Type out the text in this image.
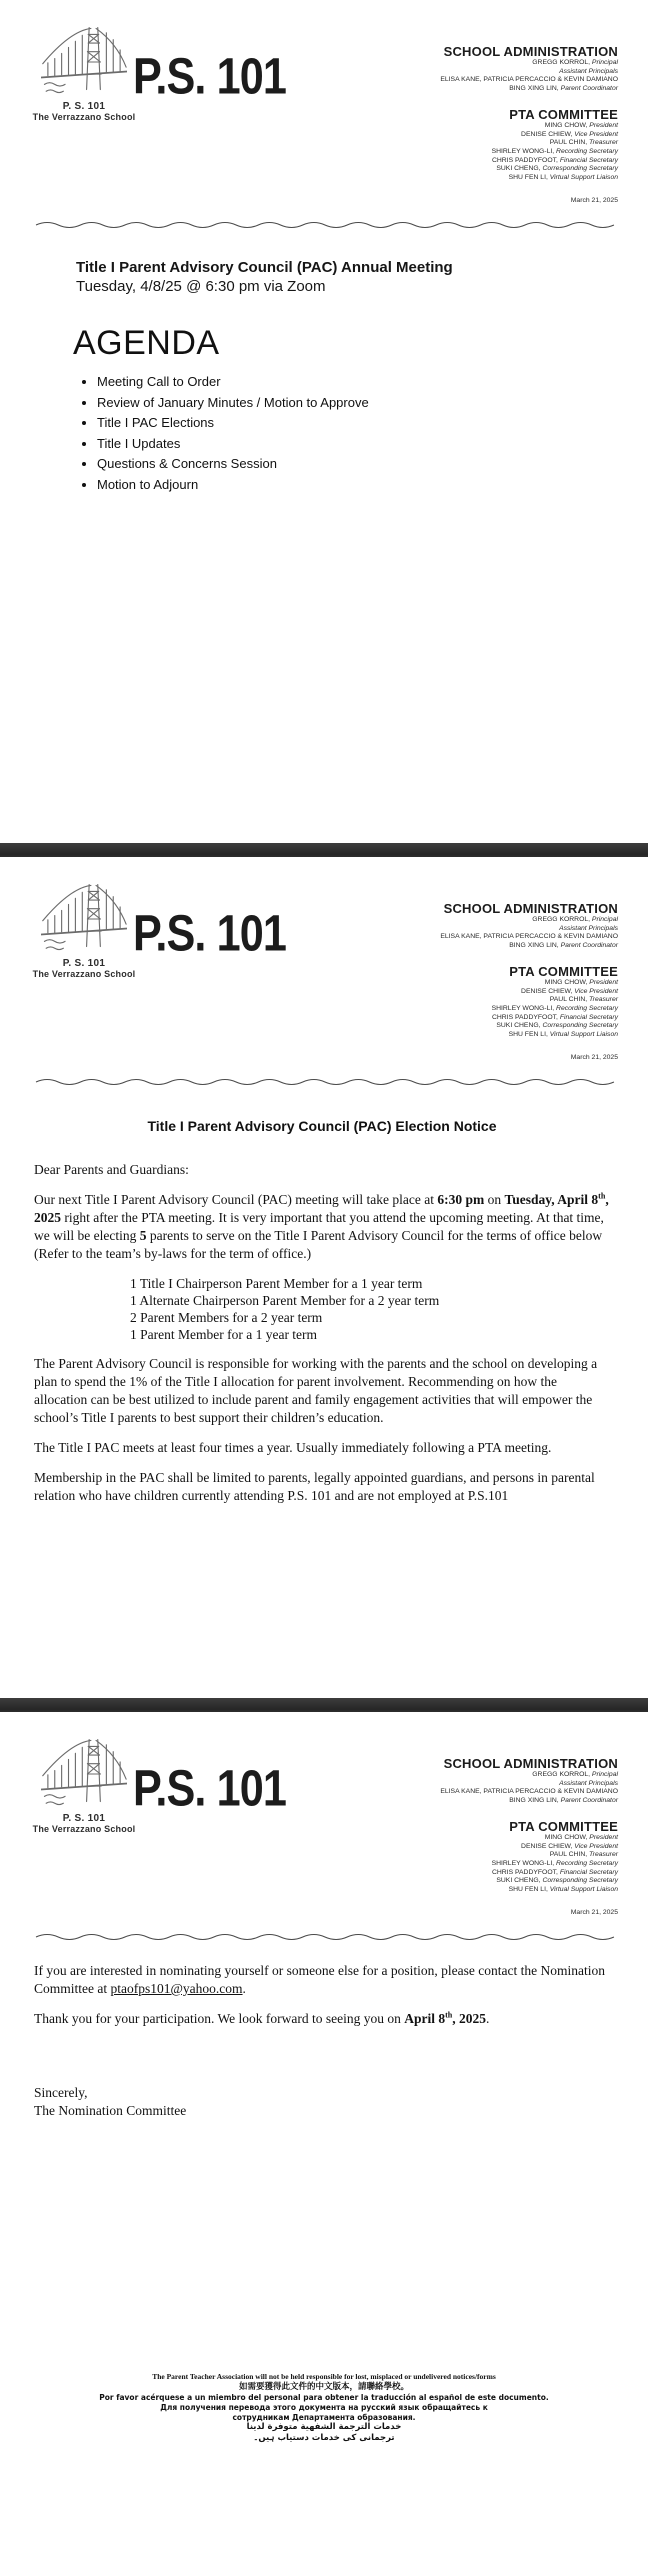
P. S. 101
The Verrazzano School
P.S. 101	SCHOOL ADMINISTRATION
GREGG KORROL, Principal
Assistant Principals
ELISA KANE, PATRICIA PERCACCIO & KEVIN DAMIANO
BING XING LIN, Parent Coordinator
PTA COMMITTEE
MING CHOW, President
DENISE CHIEW, Vice President
PAUL CHIN, Treasurer
SHIRLEY WONG-LI, Recording Secretary
CHRIS PADDYFOOT, Financial Secretary
SUKI CHENG, Corresponding Secretary
SHU FEN LI, Virtual Support Liaison
March 21, 2025
Title I Parent Advisory Council (PAC) Annual Meeting
Tuesday, 4/8/25 @ 6:30 pm via Zoom
AGENDA
• Meeting Call to Order
• Review of January Minutes / Motion to Approve
• Title I PAC Elections
• Title I Updates
• Questions & Concerns Session
• Motion to Adjourn
P. S. 101
The Verrazzano School
P.S. 101	SCHOOL ADMINISTRATION
GREGG KORROL, Principal
Assistant Principals
ELISA KANE, PATRICIA PERCACCIO & KEVIN DAMIANO
BING XING LIN, Parent Coordinator
PTA COMMITTEE
MING CHOW, President
DENISE CHIEW, Vice President
PAUL CHIN, Treasurer
SHIRLEY WONG-LI, Recording Secretary
CHRIS PADDYFOOT, Financial Secretary
SUKI CHENG, Corresponding Secretary
SHU FEN LI, Virtual Support Liaison
March 21, 2025
Title I Parent Advisory Council (PAC) Election Notice
Dear Parents and Guardians:
Our next Title I Parent Advisory Council (PAC) meeting will take place at 6:30 pm on Tuesday, April 8th, 2025 right after the PTA meeting. It is very important that you attend the upcoming meeting. At that time, we will be electing 5 parents to serve on the Title I Parent Advisory Council for the terms of office below (Refer to the team’s by-laws for the term of office.)
1 Title I Chairperson Parent Member for a 1 year term
1 Alternate Chairperson Parent Member for a 2 year term
2 Parent Members for a 2 year term
1 Parent Member for a 1 year term
The Parent Advisory Council is responsible for working with the parents and the school on developing a plan to spend the 1% of the Title I allocation for parent involvement. Recommending on how the allocation can be best utilized to include parent and family engagement activities that will empower the school’s Title I parents to best support their children’s education.
The Title I PAC meets at least four times a year. Usually immediately following a PTA meeting.
Membership in the PAC shall be limited to parents, legally appointed guardians, and persons in parental relation who have children currently attending P.S. 101 and are not employed at P.S.101
P. S. 101
The Verrazzano School
P.S. 101	SCHOOL ADMINISTRATION
GREGG KORROL, Principal
Assistant Principals
ELISA KANE, PATRICIA PERCACCIO & KEVIN DAMIANO
BING XING LIN, Parent Coordinator
PTA COMMITTEE
MING CHOW, President
DENISE CHIEW, Vice President
PAUL CHIN, Treasurer
SHIRLEY WONG-LI, Recording Secretary
CHRIS PADDYFOOT, Financial Secretary
SUKI CHENG, Corresponding Secretary
SHU FEN LI, Virtual Support Liaison
March 21, 2025
If you are interested in nominating yourself or someone else for a position, please contact the Nomination Committee at ptaofps101@yahoo.com.
Thank you for your participation. We look forward to seeing you on April 8th, 2025.
Sincerely,
The Nomination Committee
The Parent Teacher Association will not be held responsible for lost, misplaced or undelivered notices/forms
如需要獲得此文件的中文版本，請聯絡學校。
Por favor acérquese a un miembro del personal para obtener la traducción al español de este documento.
Для получения перевода этого документа на русский язык обращайтесь к
сотрудникам Департамента образования.
خدمات الترجمة الشفهية متوفرة لدينا
ترجمانی کی خدمات دستیاب ہیں۔
